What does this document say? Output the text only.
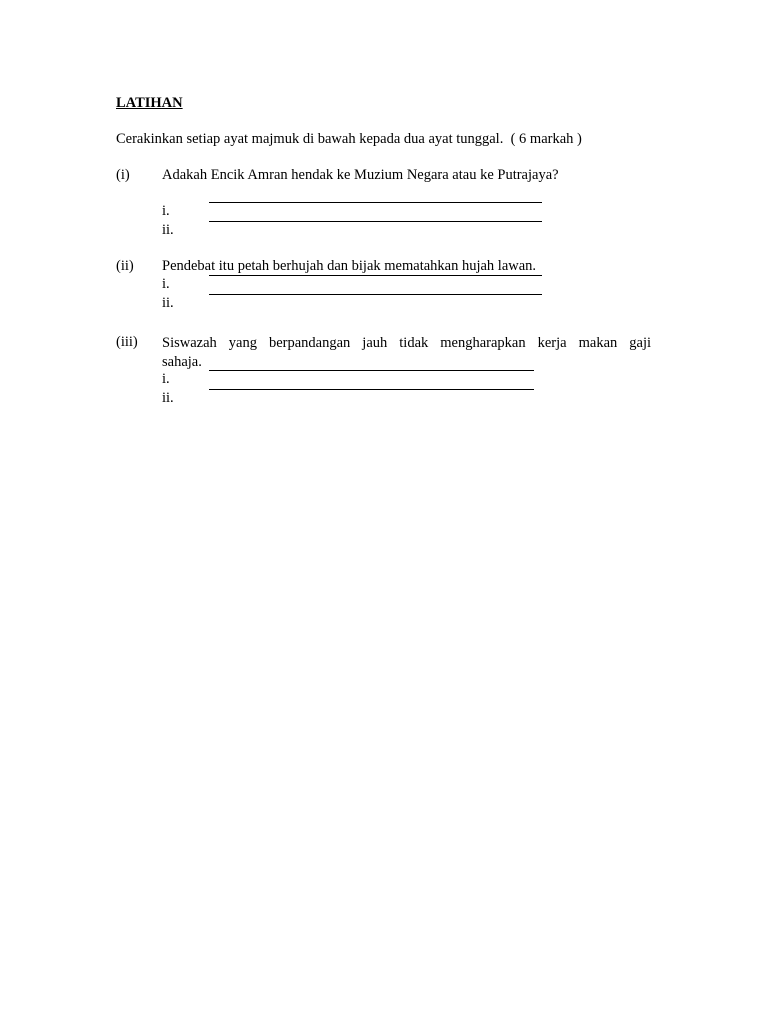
LATIHAN
Cerakinkan setiap ayat majmuk di bawah kepada dua ayat tunggal.  ( 6 markah )
(i) Adakah Encik Amran hendak ke Muzium Negara atau ke Putrajaya?
i.
ii.
(ii) Pendebat itu petah berhujah dan bijak mematahkan hujah lawan.
i.
ii.
(iii) Siswazah yang berpandangan jauh tidak mengharapkan kerja makan gaji
sahaja.
i.
ii.
